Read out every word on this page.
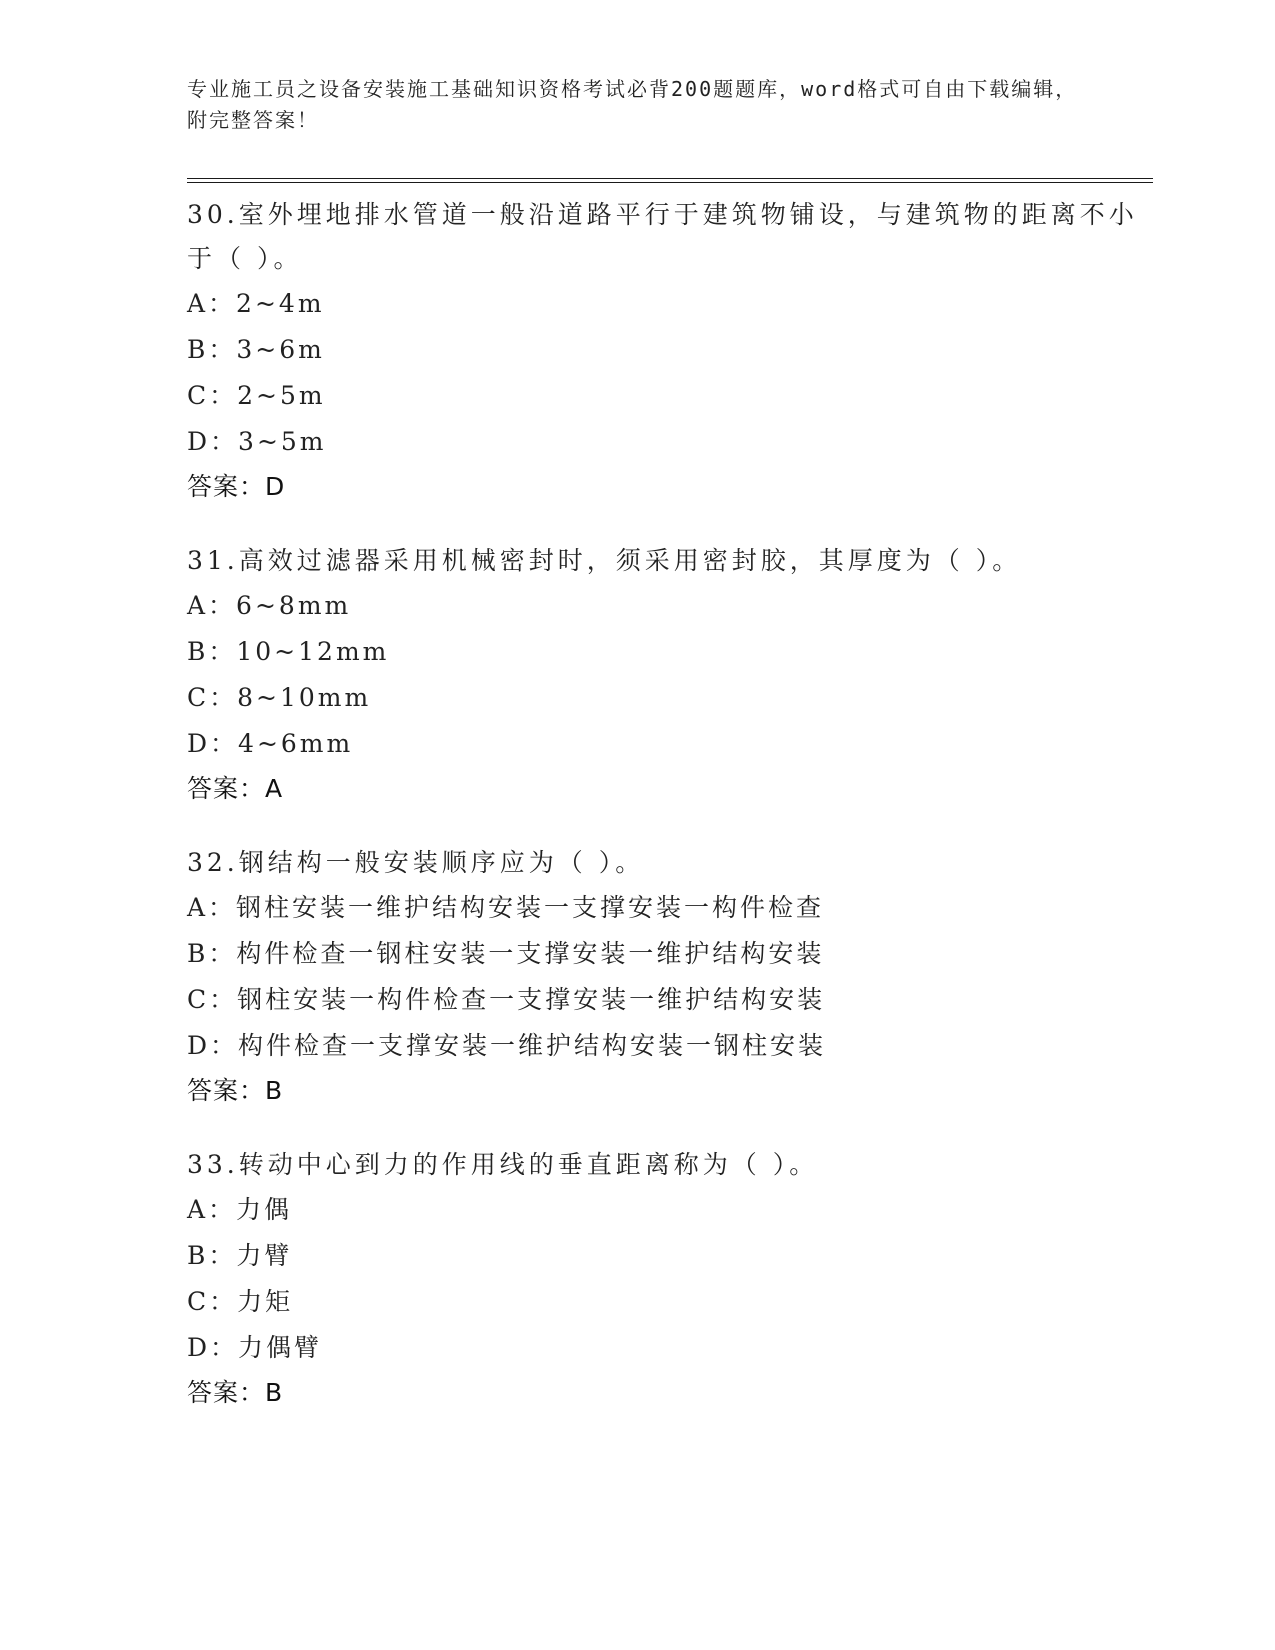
专业施工员之设备安装施工基础知识资格考试必背200题题库，word格式可自由下载编辑，附完整答案！
30.室外埋地排水管道一般沿道路平行于建筑物铺设，与建筑物的距离不小于（ ）。
A：2~4m
B：3~6m
C：2~5m
D：3~5m
答案：D
31.高效过滤器采用机械密封时，须采用密封胶，其厚度为（ ）。
A：6~8mm
B：10~12mm
C：8~10mm
D：4~6mm
答案：A
32.钢结构一般安装顺序应为（ ）。
A：钢柱安装一维护结构安装一支撑安装一构件检查
B：构件检查一钢柱安装一支撑安装一维护结构安装
C：钢柱安装一构件检查一支撑安装一维护结构安装
D：构件检查一支撑安装一维护结构安装一钢柱安装
答案：B
33.转动中心到力的作用线的垂直距离称为（ ）。
A：力偶
B：力臂
C：力矩
D：力偶臂
答案：B
